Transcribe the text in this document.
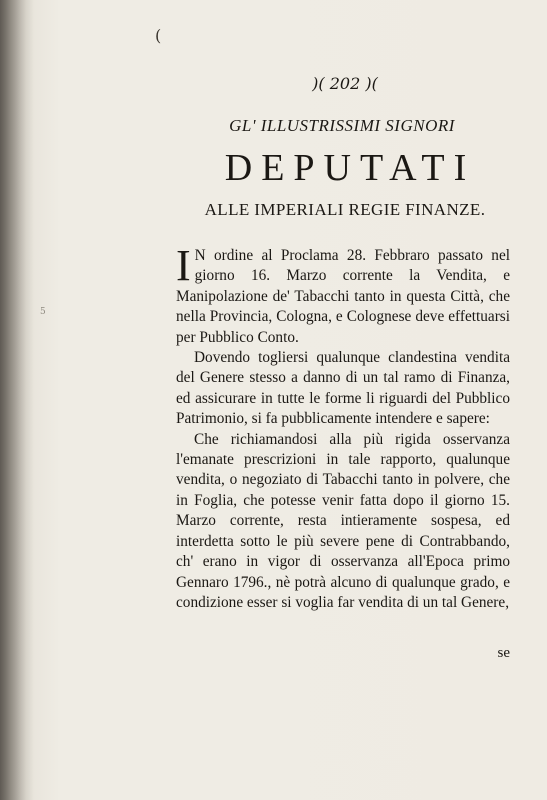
5
(
)( 202 )(
GL' ILLUSTRISSIMI SIGNORI
DEPUTATI
ALLE IMPERIALI REGIE FINANZE.

I N ordine al Proclama 28. Febbraro passato nel giorno 16. Marzo corrente la Vendita, e Manipolazione de' Tabacchi tanto in questa Città, che nella Provincia, Cologna, e Colognese deve effettuarsi per Pubblico Conto.

Dovendo togliersi qualunque clandestina vendita del Genere stesso a danno di un tal ramo di Finanza, ed assicurare in tutte le forme li riguardi del Pubblico Patrimonio, si fa pubblicamente intendere e sapere:

Che richiamandosi alla più rigida osservanza l'emanate prescrizioni in tale rapporto, qualunque vendita, o negoziato di Tabacchi tanto in polvere, che in Foglia, che potesse venir fatta dopo il giorno 15. Marzo corrente, resta intieramente sospesa, ed interdetta sotto le più severe pene di Contrabbando, ch' erano in vigor di osservanza all'Epoca primo Gennaro 1796., nè potrà alcuno di qualunque grado, e condizione esser si voglia far vendita di un tal Genere,

se
